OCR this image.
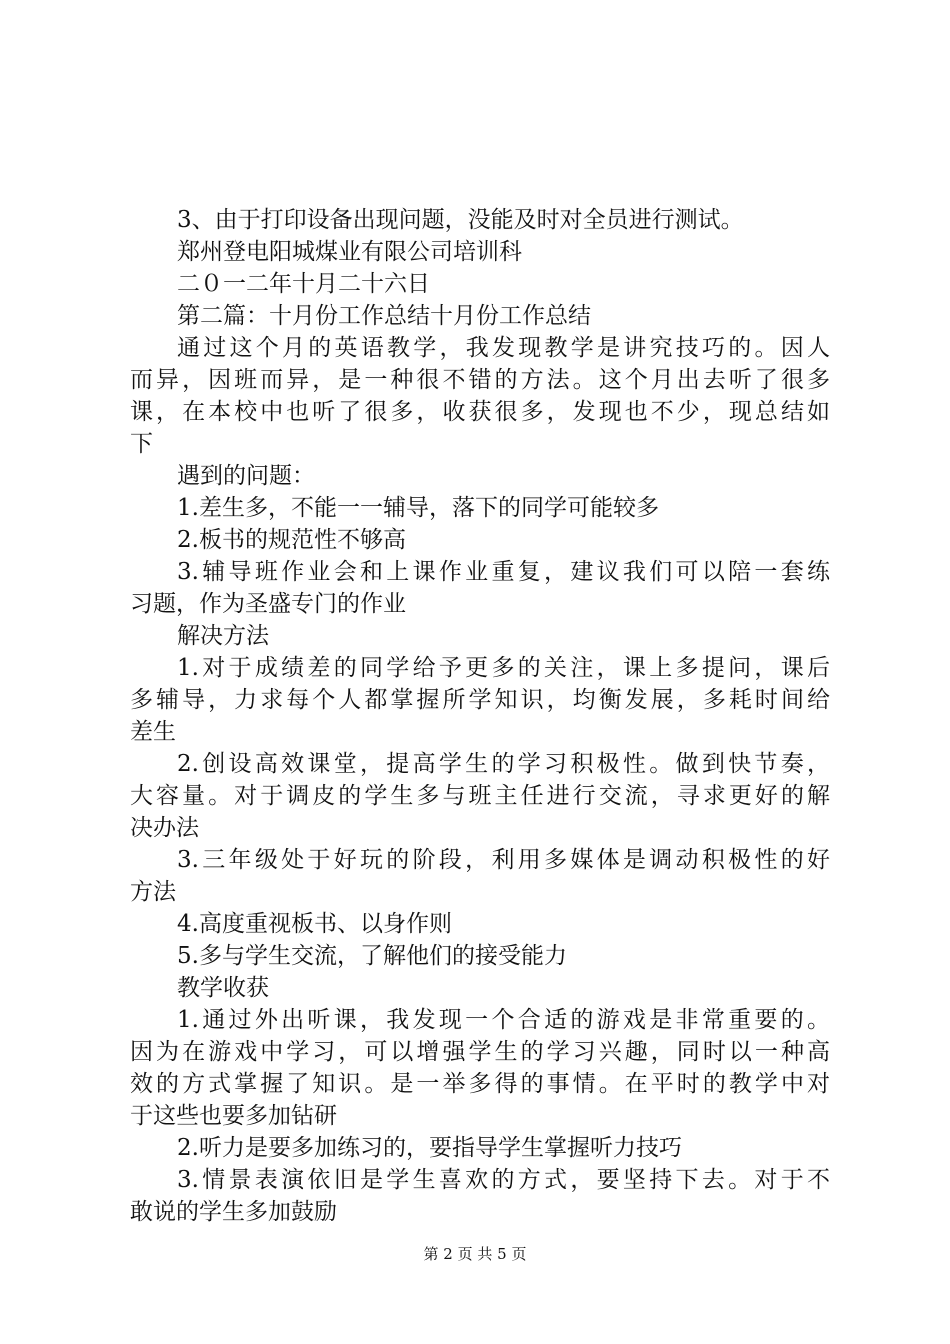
3、由于打印设备出现问题，没能及时对全员进行测试。

郑州登电阳城煤业有限公司培训科

二０一二年十月二十六日

第二篇：十月份工作总结十月份工作总结

通过这个月的英语教学，我发现教学是讲究技巧的。因人

而异，因班而异，是一种很不错的方法。这个月出去听了很多

课，在本校中也听了很多，收获很多，发现也不少，现总结如

下

遇到的问题：

1.差生多，不能一一辅导，落下的同学可能较多

2.板书的规范性不够高

3.辅导班作业会和上课作业重复，建议我们可以陪一套练

习题，作为圣盛专门的作业

解决方法

1.对于成绩差的同学给予更多的关注，课上多提问，课后

多辅导，力求每个人都掌握所学知识，均衡发展，多耗时间给

差生

2.创设高效课堂，提高学生的学习积极性。做到快节奏，

大容量。对于调皮的学生多与班主任进行交流，寻求更好的解

决办法

3.三年级处于好玩的阶段，利用多媒体是调动积极性的好

方法

4.高度重视板书、以身作则

5.多与学生交流，了解他们的接受能力

教学收获

1.通过外出听课，我发现一个合适的游戏是非常重要的。

因为在游戏中学习，可以增强学生的学习兴趣，同时以一种高

效的方式掌握了知识。是一举多得的事情。在平时的教学中对

于这些也要多加钻研

2.听力是要多加练习的，要指导学生掌握听力技巧

3.情景表演依旧是学生喜欢的方式，要坚持下去。对于不

敢说的学生多加鼓励

第 2 页 共 5 页
